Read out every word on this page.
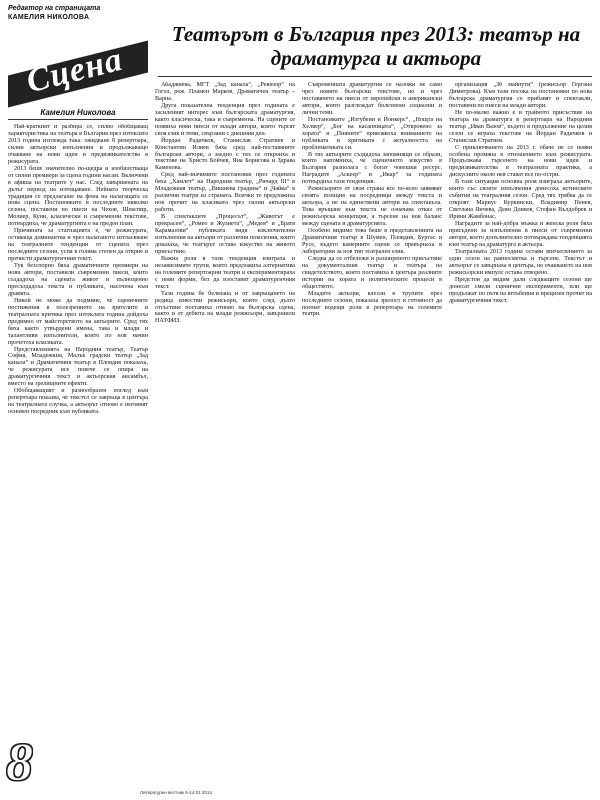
Редактор на страницата
КАМЕЛИЯ НИКОЛОВА
Сцена
Камелия Николова
Театърът в България през 2013: театър на драматурга и актьора

Най-краткият и разбира се, силно обобщаващ характеристика на театъра в България през изтеклата 2013 година изглежда така: ожидване 8 репертоара, силни актьорски изпълнения и продължаващо очакване на нови идеи и предизвикателства в режисурата.

2013 беше значително по-щедра и изобилстваща от силни премиери за сцена години насам. Включени в афиша на театрите у нас. След завършената на дълъг период на изтощаване. Нейната творческа традиция се предлагаше на фона на налагащата се нова сцена. Постановките в последните няколко сезона, поставени по пиеси на Чехов, Шекспир, Молиер, Куни, класически и съвременни текстове, потвърдиха, че драматургията е на преден план.

Причината за стагнацията е, че режисурата, оставаща доминантна и чрез налаганото изтласкване на театралните тенденции от сцената през последните сезони, успя в голяма степен да открие и пречисти драматургичния текст.

Тук безспорно бяха драматичните премиери на нови автори, поставили съвременни пиеси, които създадоха на сцената живот и пълноценно пресъздадоха текста и публиката, насочена към драмата.

Никой не може да подмине, че сценичните постижения в полезрението на зрителите и театралната критика през изтеклата година дойдоха предимно от майсторството на актьорите. Сред тях бяха както утвърдени имена, така и млади и талантливи изпълнители, които по нов начин прочетоха класиката.

Представленията на Народния театър, Театър София, Младежкия, Малък градски театър „Зад канала“ и Драматичния театър в Пловдив показаха, че режисурата все повече се опира на драматургичния текст и актьорския ансамбъл, вместо на зрелищните ефекти.

Обобщаващият и разнообразен поглед към репертоара показва, че текстът се завръща в центъра на театралната случка, а актьорът отново е неговият основен посредник към публиката.

Абаджиева, МГТ „Зад канала“, „Ревизор“ на Гогол, реж. Пламен Марков, Драматичен театър – Варна.

Друга показателна тенденция през годината е засиленият интерес към българската драматургия, както класическа, така и съвременна. На сцените се появиха нови пиеси от млади автори, които търсят своя език и теми, свързани с днешния ден.

Йордан Радичков, Станислав Стратиев и Константин Илиев бяха сред най-поставяните български автори, а заедно с тях се откроиха и текстове на Христо Бойчев, Яна Борисова и Здрава Каменова.

Сред най-значимите постановки през годината бяха „Хамлет“ на Народния театър, „Ричард III“ в Младежкия театър, „Вишнева градина“ и „Чайка“ в различни театри из страната. Всички те предложиха нов прочит на класиката чрез силни актьорски работи.

В спектаклите „Процесът“, „Животът е прекрасен“, „Ромео и Жулиета“, „Медея“ и „Братя Карамазови“ публиката видя изключителни изпълнения на актьори от различни поколения, които доказаха, че театърът остава изкуство на живото присъствие.

Важна роля в тази тенденция изиграха и независимите трупи, които предложиха алтернатива на големите репертоарни театри и експериментираха с нови форми, без да изоставят драматургичния текст.

Тази година бе белязана и от завръщането на редица известни режисьори, които след дълго отсъствие поставиха отново на българска сцена, както и от дебюта на млади режисьори, завършили НАТФИЗ.

Съвременната драматургия се наложи не само чрез новите български текстове, но и чрез поставянето на пиеси от европейски и американски автори, които разглеждат болезнени социални и лични теми.

Постановките „Изгубени в Йонкерс“, „Нощта на Хелвер“, „Бог на касапницата“, „Откровено за хората“ и „Пияните“ привлякоха вниманието на публиката и критиката с актуалността на проблематиката си.

В тях актьорите създадоха запомнящи се образи, които напомниха, че сценичното изкуство в България разполага с богат човешки ресурс. Наградите „Аскеер“ и „Икар“ за годината потвърдиха тази тенденция.

Режисьорите от своя страна все по-ясно заявяват своята позиция на посредници между текста и актьора, а не на единствени автори на спектакъла. Това връщане към текста не означава отказ от режисьорска концепция, а търсене на нов баланс между сцената и драматургията.

Особено видимо това беше в представленията на Драматичния театър в Шумен, Пловдив, Бургас и Русе, където камерните сцени се превърнаха в лаборатории за нов тип театрален език.

Следва да се отбележи и разширеното присъствие на документалния театър и театъра на свидетелството, които поставиха в центъра реалните истории на хората и политическите процеси в обществото.

Младите актьори, влезли в трупите през последните сезони, показаха зрелост и готовност да поемат водещи роли в репертоара на големите театри.

организация „3б майнути“ (режисьор Гергана Димитрова). Към тази посока на постановки по нова българска драматургия се прибавят и спектакли, поставени по пиеси на млади автори.

Не по-малко важно е и трайното присъствие на театъра на драматурга в репертоара на Народния театър „Иван Вазов“, където в продължение на целия сезон се играха текстове на Йордан Радичков и Станислав Стратиев.

С приключването на 2013 г. обаче не се появи особена промяна в отношението към режисурата. Продължава търсенето на нови идеи и предизвикателства в театралната практика, а дискусиите около нея стават все по-остри.

В тази ситуация основна роля изиграха актьорите, които със своите изпълнения донесоха истинските събития на театралния сезон. Сред тях трябва да се откроят Мариус Куркински, Владимир Пенев, Светлана Янчева, Деян Донков, Стефан Вълдобрев и Ирини Жамбонас.

Наградите за най-добра мъжка и женска роля бяха присъдени за изпълнения в пиеси от съвременни автори, което допълнително потвърждава тенденцията към театър на драматурга и актьора.

Театралната 2013 година остави впечатлението за един сезон на равносметка и търсене. Текстът и актьорът се завърнаха в центъра, но очакването на нов режисьорски импулс остава отворено.

Предстои да видим дали следващите сезони ще донесат смели сценични експерименти, или ще продължат по пътя на вглъбения и прецизен прочит на драматургичния текст.

8
Литературен вестник 8-14.01.2014
